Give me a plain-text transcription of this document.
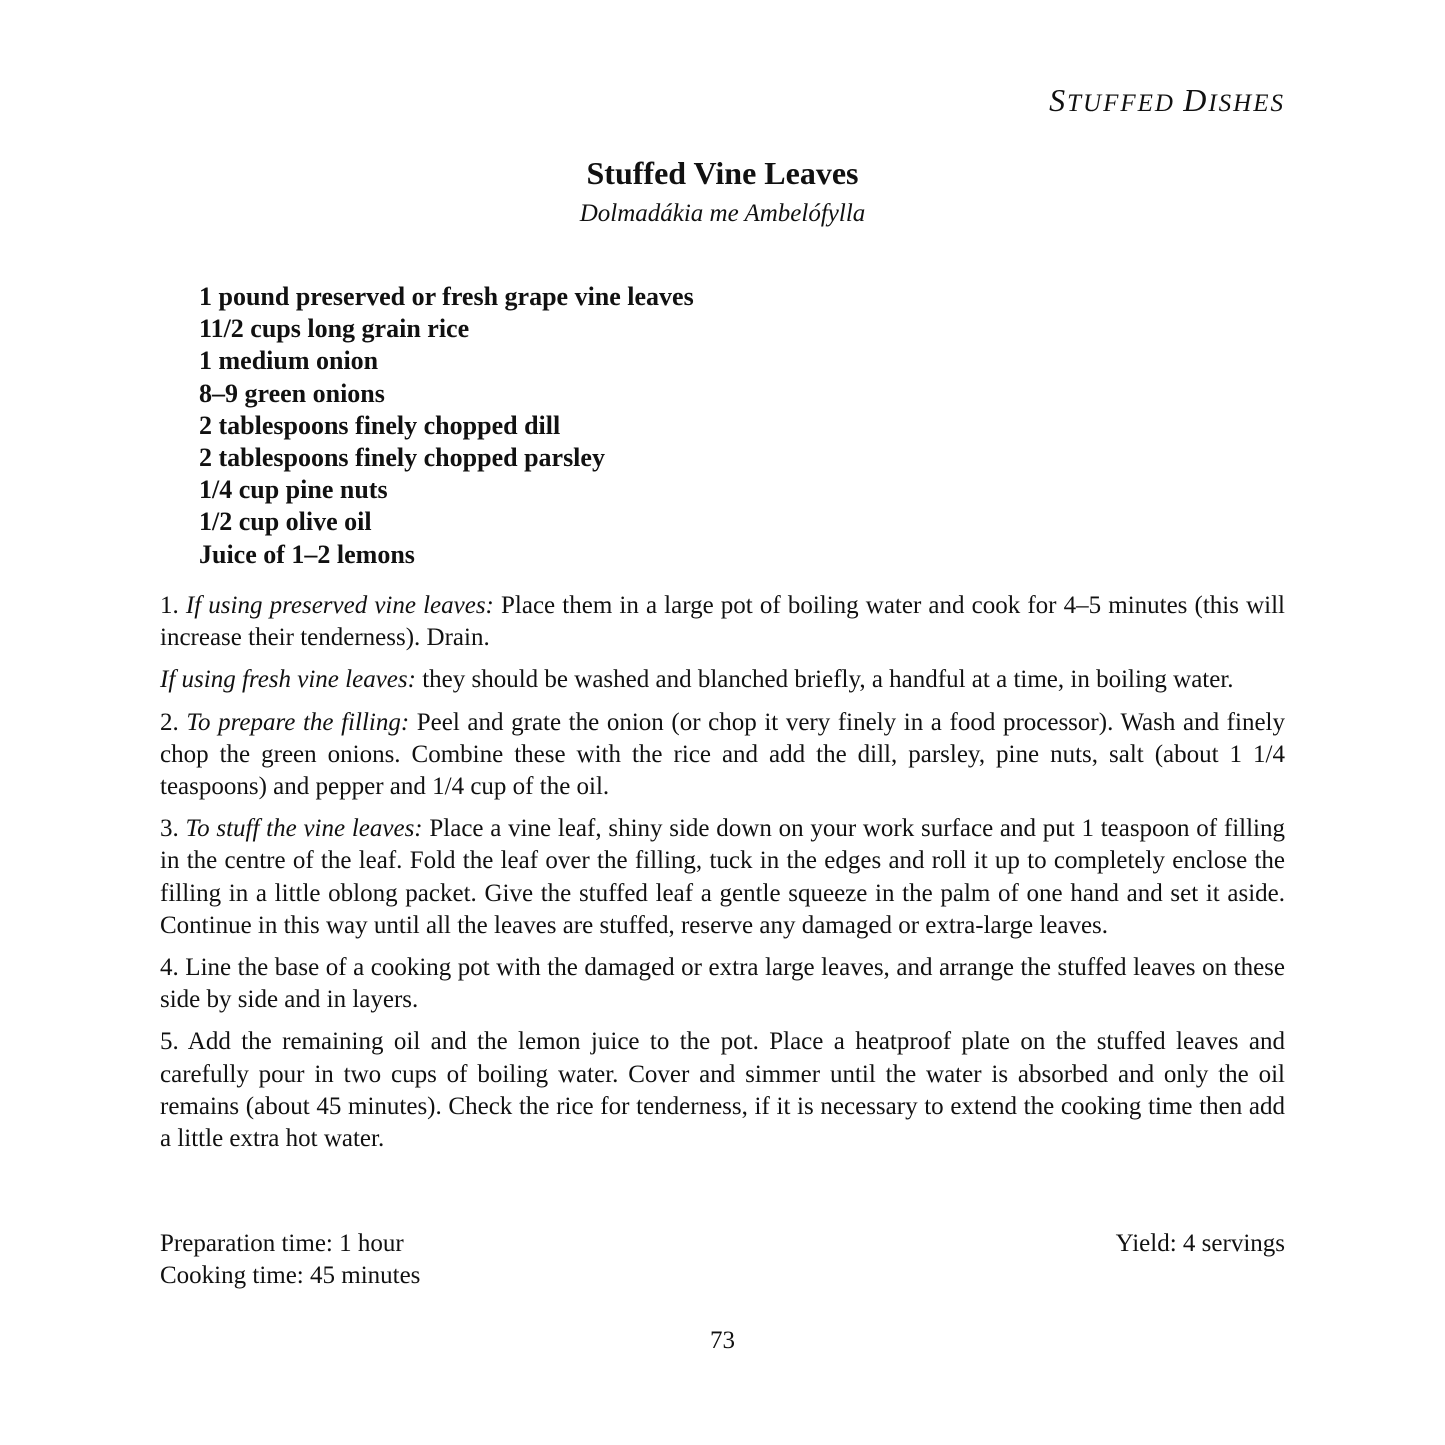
STUFFED DISHES
Stuffed Vine Leaves
Dolmadákia me Ambelófylla
1 pound preserved or fresh grape vine leaves
11/2 cups long grain rice
1 medium onion
8–9 green onions
2 tablespoons finely chopped dill
2 tablespoons finely chopped parsley
1/4 cup pine nuts
1/2 cup olive oil
Juice of 1–2 lemons

1. If using preserved vine leaves: Place them in a large pot of boiling water and cook for 4–5 minutes (this will increase their tenderness). Drain.

If using fresh vine leaves: they should be washed and blanched briefly, a handful at a time, in boiling water.

2. To prepare the filling: Peel and grate the onion (or chop it very finely in a food processor). Wash and finely chop the green onions. Combine these with the rice and add the dill, parsley, pine nuts, salt (about 1 1/4 teaspoons) and pepper and 1/4 cup of the oil.

3. To stuff the vine leaves: Place a vine leaf, shiny side down on your work surface and put 1 teaspoon of filling in the centre of the leaf. Fold the leaf over the filling, tuck in the edges and roll it up to completely enclose the filling in a little oblong packet. Give the stuffed leaf a gentle squeeze in the palm of one hand and set it aside. Continue in this way until all the leaves are stuffed, reserve any damaged or extra-large leaves.

4. Line the base of a cooking pot with the damaged or extra large leaves, and arrange the stuffed leaves on these side by side and in layers.

5. Add the remaining oil and the lemon juice to the pot. Place a heatproof plate on the stuffed leaves and carefully pour in two cups of boiling water. Cover and simmer until the water is absorbed and only the oil remains (about 45 minutes). Check the rice for tenderness, if it is necessary to extend the cooking time then add a little extra hot water.

Preparation time: 1 hour
Cooking time: 45 minutes
Yield: 4 servings
73
